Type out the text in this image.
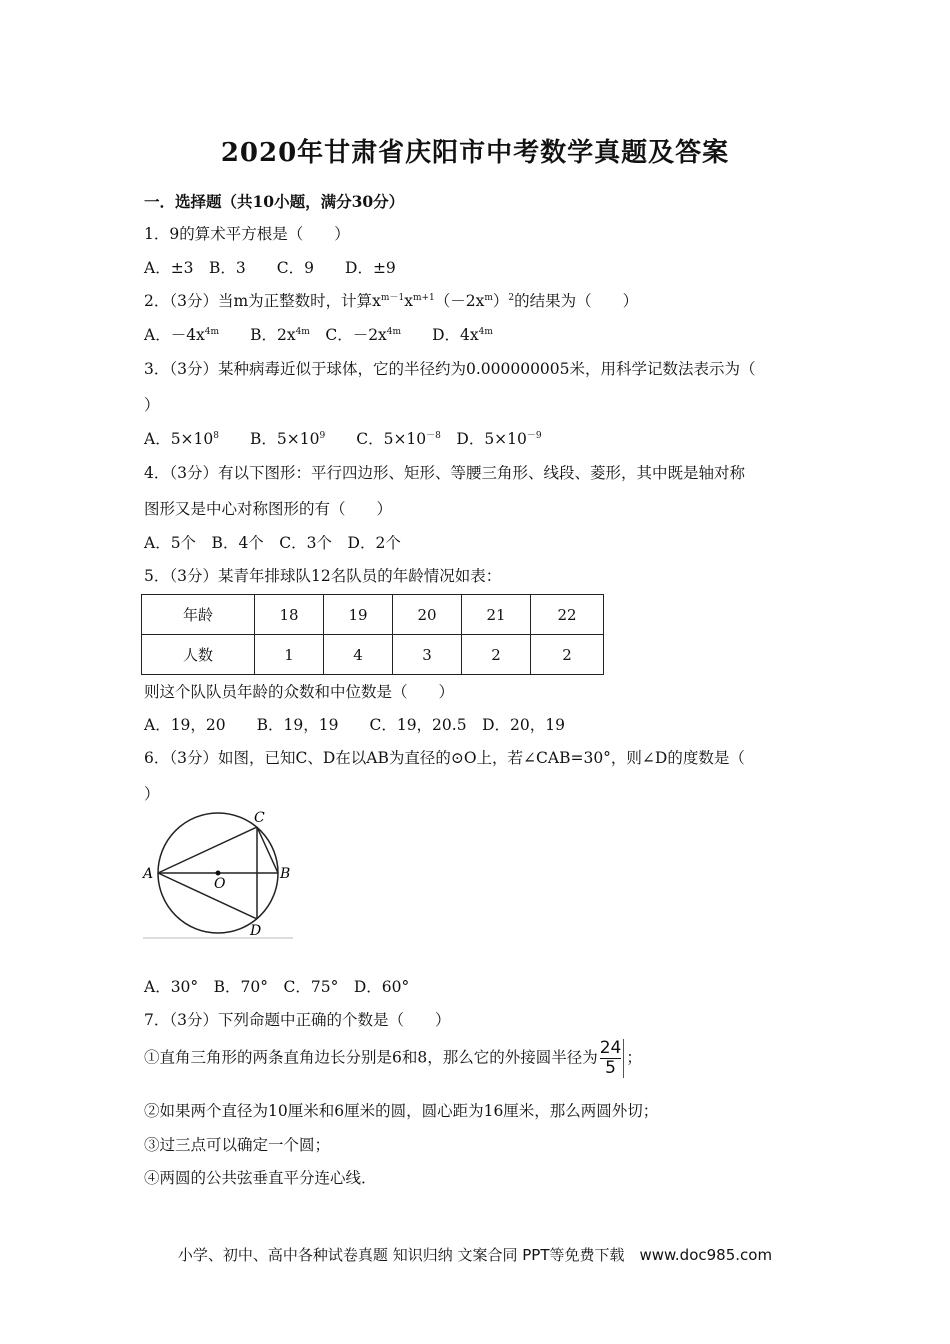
2020年甘肃省庆阳市中考数学真题及答案
一．选择题（共10小题，满分30分）
1．9的算术平方根是（　　）
A．±3　B．3　　C．9　　D．±9
2．（3分）当m为正整数时，计算$x^{m-1}x^{m+1}(-2x^m)^2$的结果为（　　）
A．$-4x^{4m}$　　B．$2x^{4m}$　C．$-2x^{4m}$　　D．$4x^{4m}$
3．（3分）某种病毒近似于球体，它的半径约为0.000000005米，用科学记数法表示为（
）
A．$5\times 10^8$　　B．$5\times 10^9$　　C．$5\times 10^{-8}$　D．$5\times 10^{-9}$
4．（3分）有以下图形：平行四边形、矩形、等腰三角形、线段、菱形，其中既是轴对称
图形又是中心对称图形的有（　　）
A．5个　B．4个　C．3个　D．2个
5．（3分）某青年排球队12名队员的年龄情况如表：
年龄	18	19	20	21	22
人数	1	4	3	2	2
则这个队队员年龄的众数和中位数是（　　）
A．19，20　　B．19，19　　C．19，20.5　D．20，19
6．（3分）如图，已知C、D在以AB为直径的⊙O上，若∠CAB=30°，则∠D的度数是（
）
A	B
C
D
O
A．30°　B．70°　C．75°　D．60°
7．（3分）下列命题中正确的个数是（　　）
①直角三角形的两条直角边长分别是6和8，那么它的外接圆半径为 $\frac{24}{5}$ ；
②如果两个直径为10厘米和6厘米的圆，圆心距为16厘米，那么两圆外切；
③过三点可以确定一个圆；
④两圆的公共弦垂直平分连心线．
小学、初中、高中各种试卷真题 知识归纳 文案合同 PPT等免费下载　www.doc985.com
